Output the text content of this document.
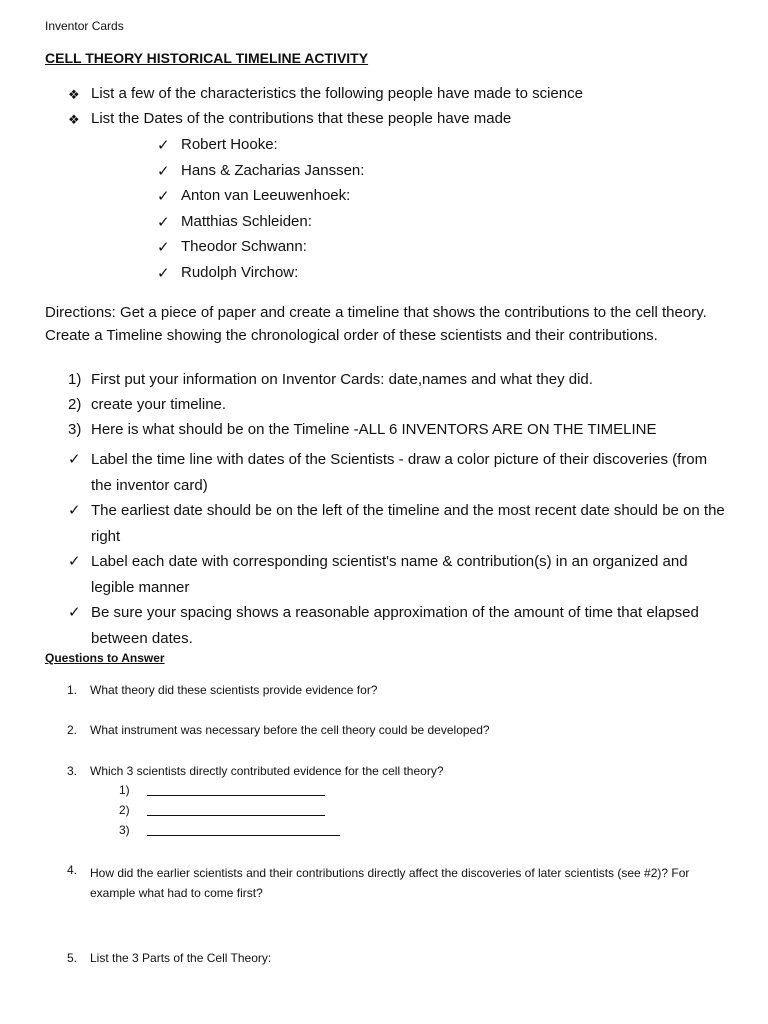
Inventor Cards
CELL THEORY HISTORICAL TIMELINE ACTIVITY
❖ List a few of the characteristics the following people have made to science
❖ List the Dates of the contributions that these people have made
✓ Robert Hooke:
✓ Hans & Zacharias Janssen:
✓ Anton van Leeuwenhoek:
✓ Matthias Schleiden:
✓ Theodor Schwann:
✓ Rudolph Virchow:
Directions: Get a piece of paper and create a timeline that shows the contributions to the cell theory.
Create a Timeline showing the chronological order of these scientists and their contributions.
1) First put your information on Inventor Cards: date,names and what they did.
2) create your timeline.
3) Here is what should be on the Timeline -ALL 6 INVENTORS ARE ON THE TIMELINE
✓ Label the time line with dates of the Scientists - draw a color picture of their discoveries (from the inventor card)
✓ The earliest date should be on the left of the timeline and the most recent date should be on the right
✓ Label each date with corresponding scientist's name & contribution(s) in an organized and legible manner
✓ Be sure your spacing shows a reasonable approximation of the amount of time that elapsed between dates.
Questions to Answer
1.	What theory did these scientists provide evidence for?
2.	What instrument was necessary before the cell theory could be developed?
3.	Which 3 scientists directly contributed evidence for the cell theory?
1)
2)
3)
4.	How did the earlier scientists and their contributions directly affect the discoveries of later scientists (see #2)? For example what had to come first?
5.	List the 3 Parts of the Cell Theory:
